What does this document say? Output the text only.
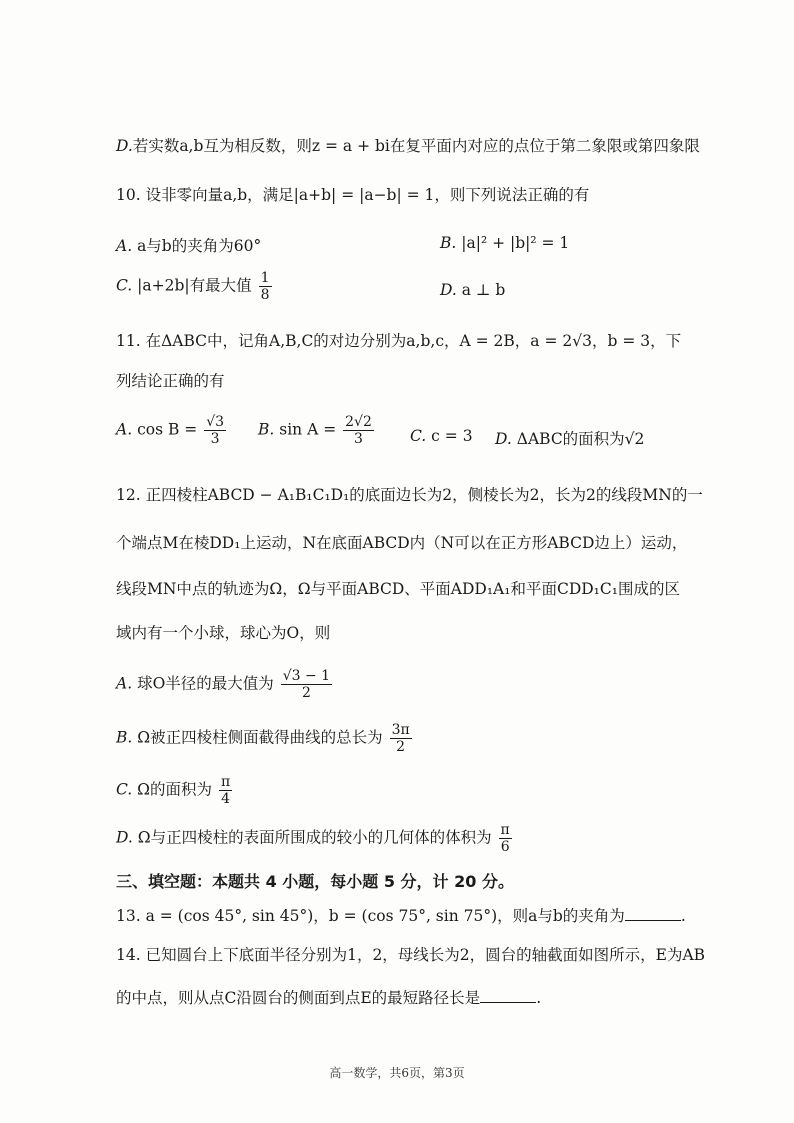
D.若实数a,b互为相反数，则z = a + bi在复平面内对应的点位于第二象限或第四象限
10. 设非零向量a,b，满足|a+b| = |a−b| = 1，则下列说法正确的有
A. a与b的夹角为60°	B. |a|² + |b|² = 1
C. |a+2b|有最大值 $\frac{1}{8}$	D. a ⊥ b
11. 在ΔABC中，记角A,B,C的对边分别为a,b,c，A = 2B，a = 2√3，b = 3，下
列结论正确的有
A. $\cos B = \frac{√3}{3} B$. $\sin A = \frac{2√2}{3} C$. c = 3 D. ΔABC的面积为√2
12. 正四棱柱ABCD − A₁B₁C₁D₁的底面边长为2，侧棱长为2，长为2的线段MN的一
个端点M在棱DD₁上运动，N在底面ABCD内（N可以在正方形ABCD边上）运动，
线段MN中点的轨迹为Ω，Ω与平面ABCD、平面ADD₁A₁和平面CDD₁C₁围成的区
域内有一个小球，球心为O，则
A. 球O半径的最大值为 $\frac{√3 - 1}{2}$
B. Ω被正四棱柱侧面截得曲线的总长为 $\frac{3\pi}{2}$
C. Ω的面积为 $\frac{\pi}{4}$
D. Ω与正四棱柱的表面所围成的较小的几何体的体积为 $\frac{\pi}{6}$
三、填空题：本题共 4 小题，每小题 5 分，计 20 分。
13. a = (cos 45°, sin 45°)，b = (cos 75°, sin 75°)，则a与b的夹角为	.
14. 已知圆台上下底面半径分别为1，2，母线长为2，圆台的轴截面如图所示，E为AB
的中点，则从点C沿圆台的侧面到点E的最短路径长是	.
高一数学，共6页，第3页
